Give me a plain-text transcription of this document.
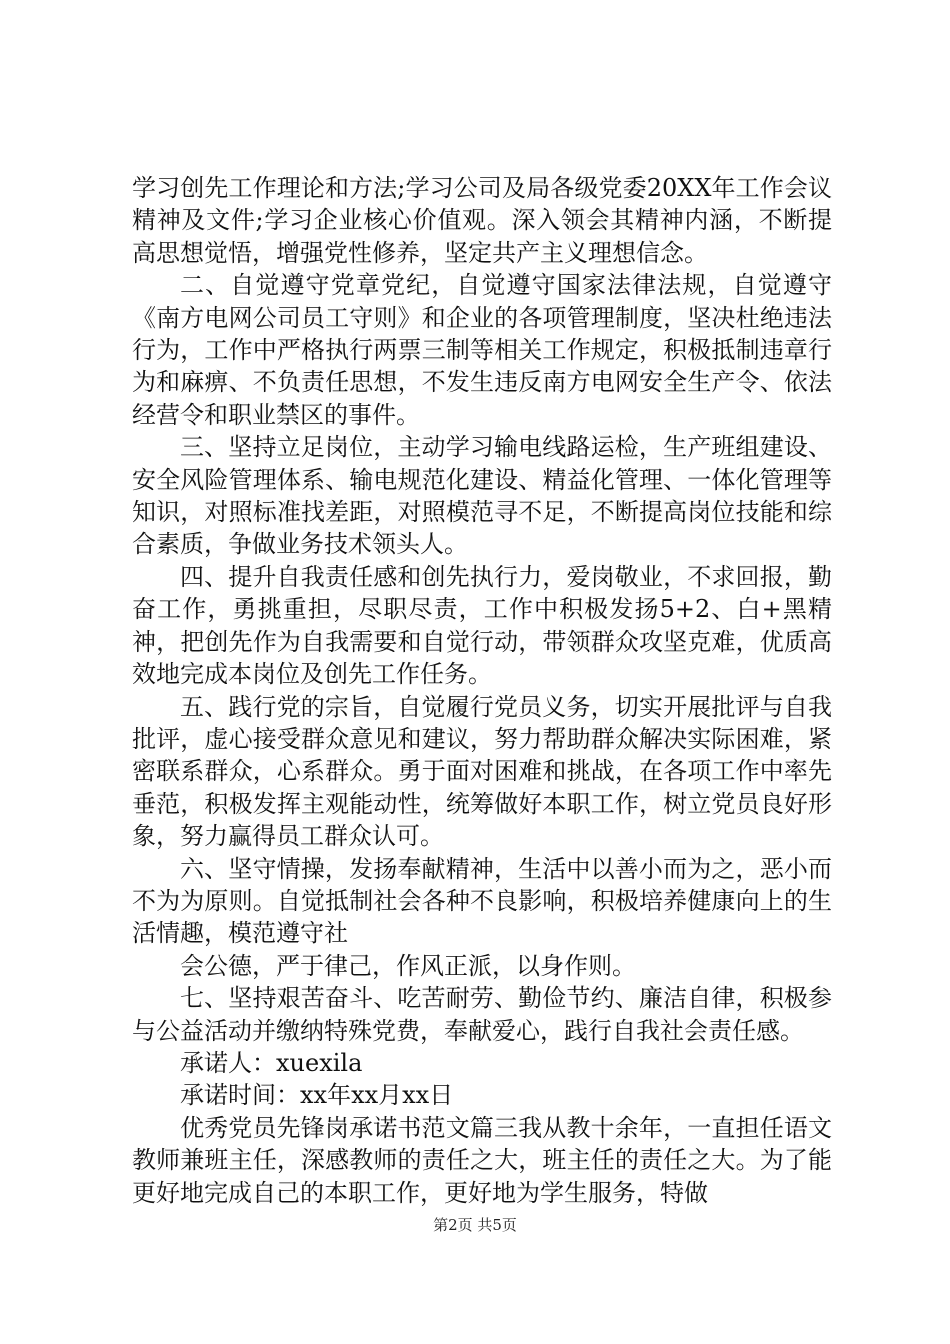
学习创先工作理论和方法;学习公司及局各级党委20XX年工作会议精神及文件;学习企业核心价值观。深入领会其精神内涵，不断提高思想觉悟，增强党性修养，坚定共产主义理想信念。

二、自觉遵守党章党纪，自觉遵守国家法律法规，自觉遵守《南方电网公司员工守则》和企业的各项管理制度，坚决杜绝违法行为，工作中严格执行两票三制等相关工作规定，积极抵制违章行为和麻痹、不负责任思想，不发生违反南方电网安全生产令、依法经营令和职业禁区的事件。

三、坚持立足岗位，主动学习输电线路运检，生产班组建设、安全风险管理体系、输电规范化建设、精益化管理、一体化管理等知识，对照标准找差距，对照模范寻不足，不断提高岗位技能和综合素质，争做业务技术领头人。

四、提升自我责任感和创先执行力，爱岗敬业，不求回报，勤奋工作，勇挑重担，尽职尽责，工作中积极发扬5+2、白+黑精神，把创先作为自我需要和自觉行动，带领群众攻坚克难，优质高效地完成本岗位及创先工作任务。

五、践行党的宗旨，自觉履行党员义务，切实开展批评与自我批评，虚心接受群众意见和建议，努力帮助群众解决实际困难，紧密联系群众，心系群众。勇于面对困难和挑战，在各项工作中率先垂范，积极发挥主观能动性，统筹做好本职工作，树立党员良好形象，努力赢得员工群众认可。

六、坚守情操，发扬奉献精神，生活中以善小而为之，恶小而不为为原则。自觉抵制社会各种不良影响，积极培养健康向上的生活情趣，模范遵守社

会公德，严于律己，作风正派，以身作则。

七、坚持艰苦奋斗、吃苦耐劳、勤俭节约、廉洁自律，积极参与公益活动并缴纳特殊党费，奉献爱心，践行自我社会责任感。

承诺人：xuexila

承诺时间：xx年xx月xx日

优秀党员先锋岗承诺书范文篇三我从教十余年，一直担任语文教师兼班主任，深感教师的责任之大，班主任的责任之大。为了能更好地完成自己的本职工作，更好地为学生服务，特做

第2页 共5页
